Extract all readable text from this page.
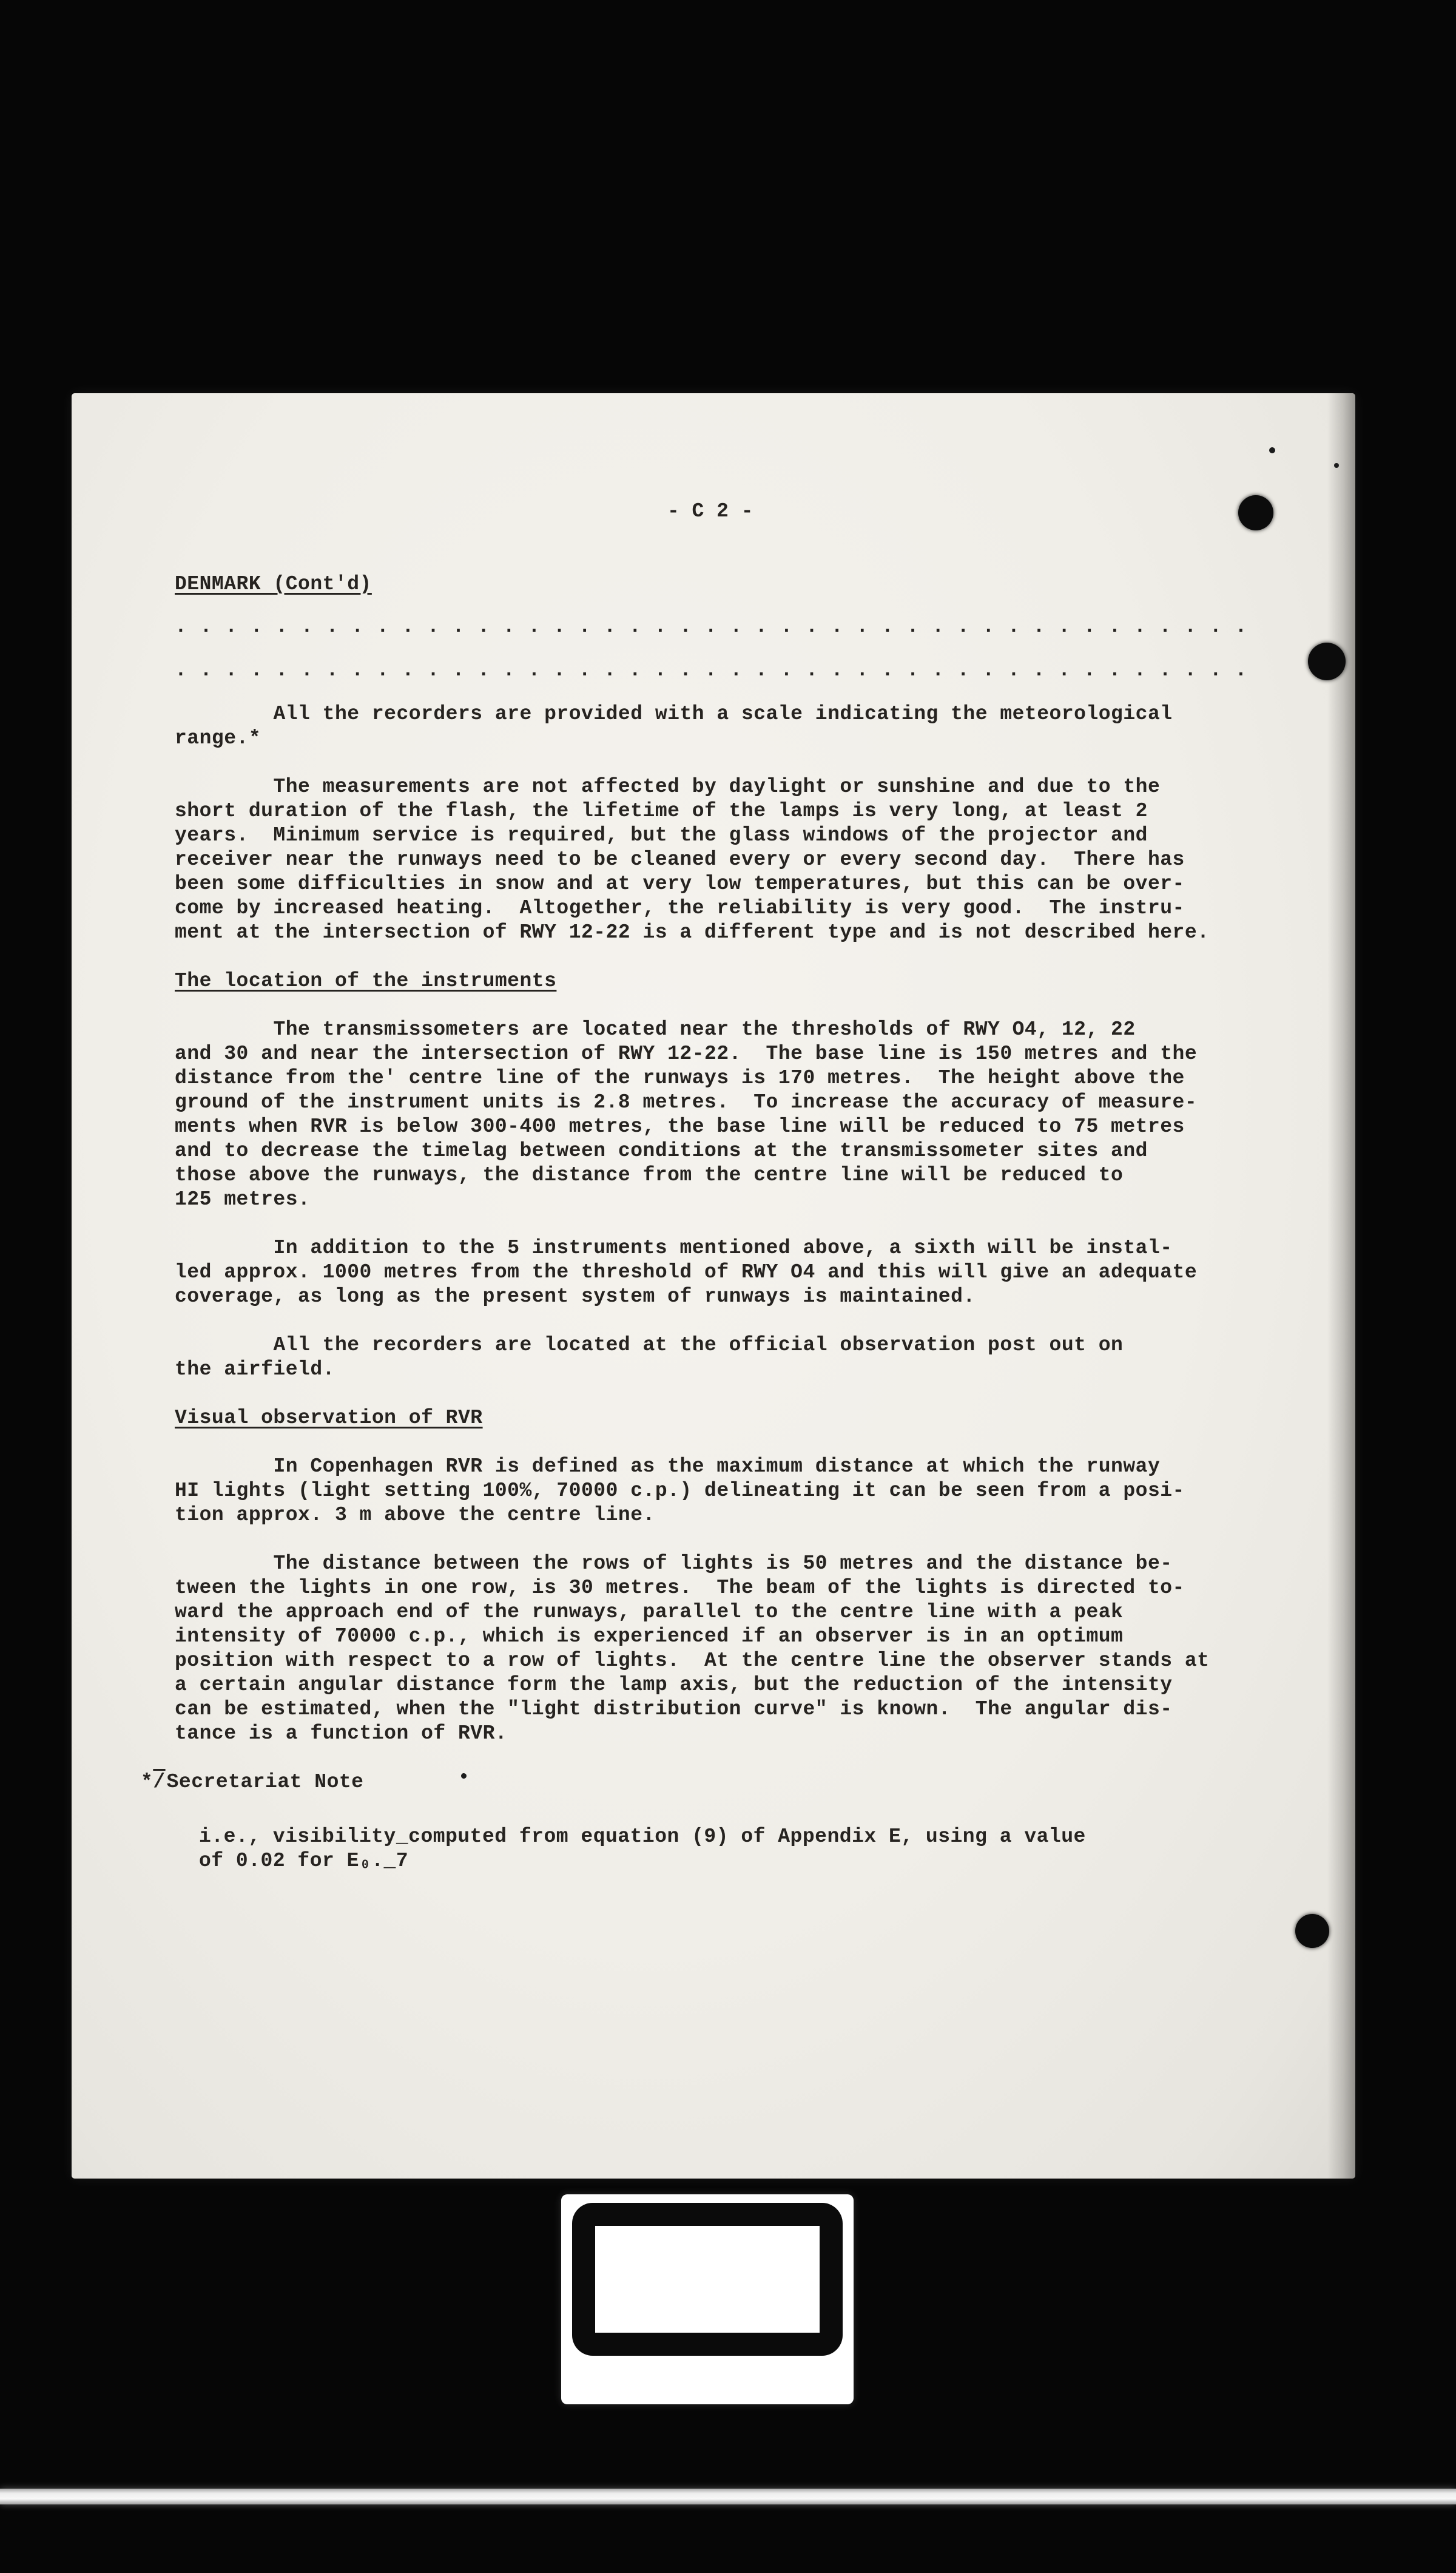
- C 2 -
DENMARK (Cont'd)
. . . . . . . . . . . . . . . . . . . . . . . . . . . . . . . . . . . . . . . . . . .
. . . . . . . . . . . . . . . . . . . . . . . . . . . . . . . . . . . . . . . . . . .
All the recorders are provided with a scale indicating the meteorological
range.*
The measurements are not affected by daylight or sunshine and due to the
short duration of the flash, the lifetime of the lamps is very long, at least 2
years.  Minimum service is required, but the glass windows of the projector and
receiver near the runways need to be cleaned every or every second day.  There has
been some difficulties in snow and at very low temperatures, but this can be over-
come by increased heating.  Altogether, the reliability is very good.  The instru-
ment at the intersection of RWY 12-22 is a different type and is not described here.
The location of the instruments
The transmissometers are located near the thresholds of RWY O4, 12, 22
and 30 and near the intersection of RWY 12-22.  The base line is 150 metres and the
distance from the' centre line of the runways is 170 metres.  The height above the
ground of the instrument units is 2.8 metres.  To increase the accuracy of measure-
ments when RVR is below 300-400 metres, the base line will be reduced to 75 metres
and to decrease the timelag between conditions at the transmissometer sites and
those above the runways, the distance from the centre line will be reduced to
125 metres.
In addition to the 5 instruments mentioned above, a sixth will be instal-
led approx. 1000 metres from the threshold of RWY O4 and this will give an adequate
coverage, as long as the present system of runways is maintained.
All the recorders are located at the official observation post out on
the airfield.
Visual observation of RVR
In Copenhagen RVR is defined as the maximum distance at which the runway
HI lights (light setting 100%, 70000 c.p.) delineating it can be seen from a posi-
tion approx. 3 m above the centre line.
The distance between the rows of lights is 50 metres and the distance be-
tween the lights in one row, is 30 metres.  The beam of the lights is directed to-
ward the approach end of the runways, parallel to the centre line with a peak
intensity of 70000 c.p., which is experienced if an observer is in an optimum
position with respect to a row of lights.  At the centre line the observer stands at
a certain angular distance form the lamp axis, but the reduction of the intensity
can be estimated, when the "light distribution curve" is known.  The angular dis-
tance is a function of RVR.
*/Secretariat Note
i.e., visibility_computed from equation (9) of Appendix E, using a value
of 0.02 for E₀._7
